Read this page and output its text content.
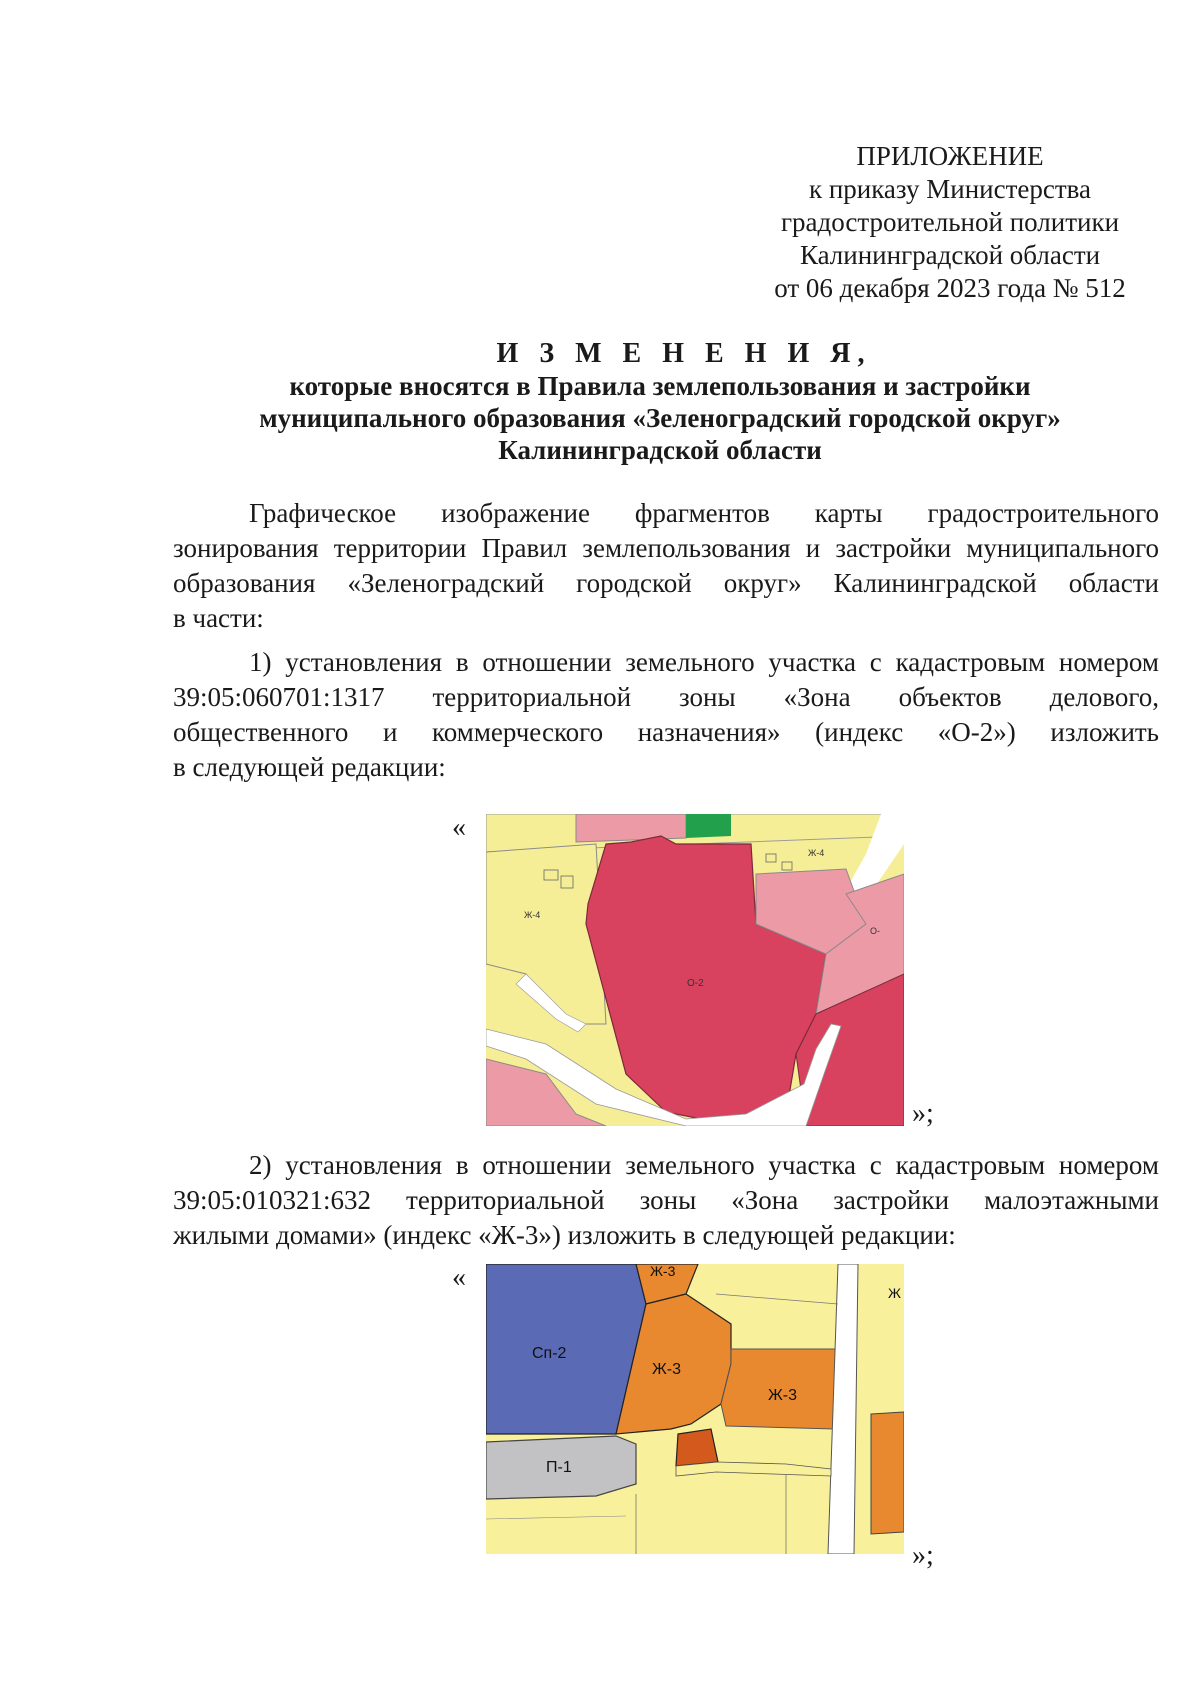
ПРИЛОЖЕНИЕ
к приказу Министерства
градостроительной политики
Калининградской области
от 06 декабря 2023 года № 512
И З М Е Н Е Н И Я,
которые вносятся в Правила землепользования и застройки
муниципального образования «Зеленоградский городской округ»
Калининградской области
Графическое изображение фрагментов карты градостроительного
зонирования территории Правил землепользования и застройки муниципального
образования «Зеленоградский городской округ» Калининградской области
в части:
1) установления в отношении земельного участка с кадастровым номером
39:05:060701:1317 территориальной зоны «Зона объектов делового,
общественного и коммерческого назначения» (индекс «О-2») изложить
в следующей редакции:
«
О-2
Ж-4
Ж-4
О-
»;
2) установления в отношении земельного участка с кадастровым номером
39:05:010321:632 территориальной зоны «Зона застройки малоэтажными
жилыми домами» (индекс «Ж-3») изложить в следующей редакции:
«
Сп-2
Ж-3
Ж-3
Ж-3
П-1
Ж
»;
